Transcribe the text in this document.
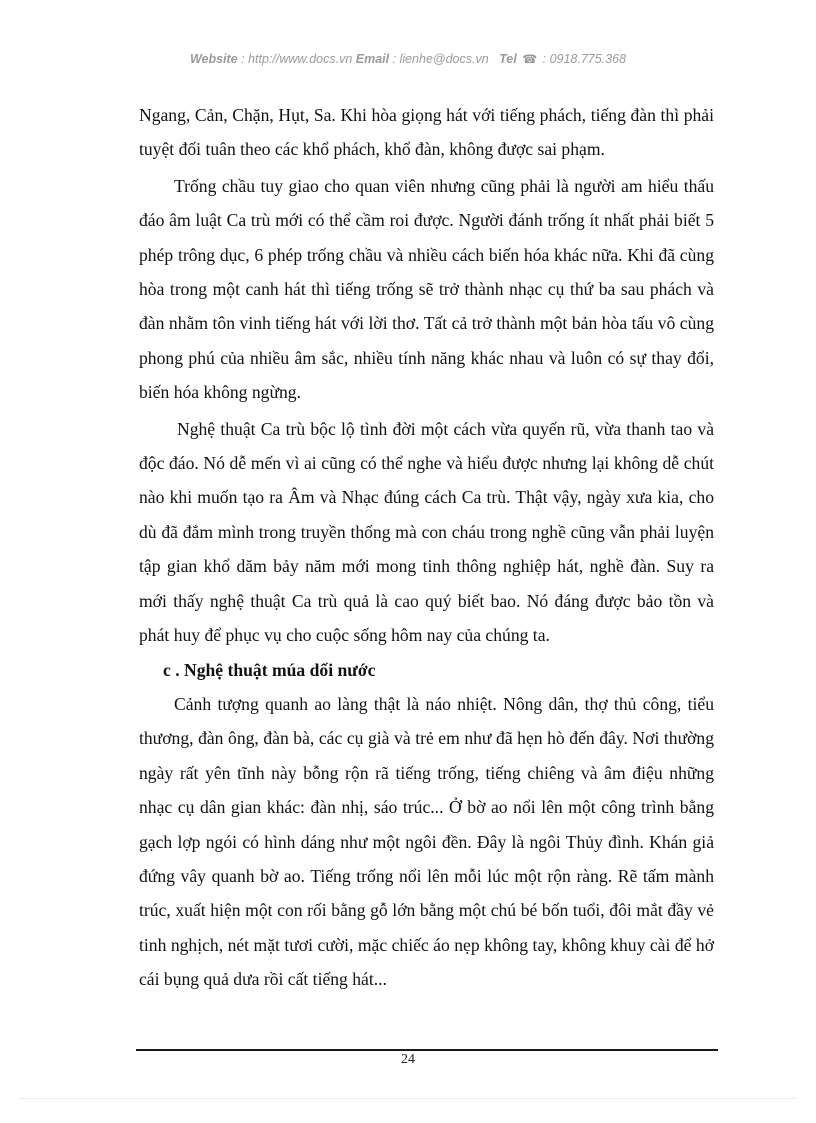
Website : http://www.docs.vn Email : lienhe@docs.vn Tel ☎ : 0918.775.368

Ngang, Cản, Chặn, Hụt, Sa. Khi hòa giọng hát với tiếng phách, tiếng đàn thì phải tuyệt đối tuân theo các khổ phách, khổ đàn, không được sai phạm.

Trống chầu tuy giao cho quan viên nhưng cũng phải là người am hiểu thấu đáo âm luật Ca trù mới có thể cầm roi được. Người đánh trống ít nhất phải biết 5 phép trông dục, 6 phép trống chầu và nhiều cách biến hóa khác nữa. Khi đã cùng hòa trong một canh hát thì tiếng trống sẽ trở thành nhạc cụ thứ ba sau phách và đàn nhằm tôn vinh tiếng hát với lời thơ. Tất cả trở thành một bản hòa tấu vô cùng phong phú của nhiều âm sắc, nhiều tính năng khác nhau và luôn có sự thay đổi, biến hóa không ngừng.

Nghệ thuật Ca trù bộc lộ tình đời một cách vừa quyến rũ, vừa thanh tao và độc đáo. Nó dễ mến vì ai cũng có thể nghe và hiểu được nhưng lại không dễ chút nào khi muốn tạo ra Âm và Nhạc đúng cách Ca trù. Thật vậy, ngày xưa kia, cho dù đã đắm mình trong truyền thống mà con cháu trong nghề cũng vẫn phải luyện tập gian khổ dăm bảy năm mới mong tinh thông nghiệp hát, nghề đàn. Suy ra mới thấy nghệ thuật Ca trù quả là cao quý biết bao. Nó đáng được bảo tồn và phát huy để phục vụ cho cuộc sống hôm nay của chúng ta.

c . Nghệ thuật múa dối nước

Cảnh tượng quanh ao làng thật là náo nhiệt. Nông dân, thợ thủ công, tiểu thương, đàn ông, đàn bà, các cụ già và trẻ em như đã hẹn hò đến đây. Nơi thường ngày rất yên tĩnh này bỗng rộn rã tiếng trống, tiếng chiêng và âm điệu những nhạc cụ dân gian khác: đàn nhị, sáo trúc... Ở bờ ao nổi lên một công trình bằng gạch lợp ngói có hình dáng như một ngôi đền. Đây là ngôi Thủy đình. Khán giả đứng vây quanh bờ ao. Tiếng trống nổi lên mỗi lúc một rộn ràng. Rẽ tấm mành trúc, xuất hiện một con rối bằng gỗ lớn bằng một chú bé bốn tuổi, đôi mắt đầy vẻ tinh nghịch, nét mặt tươi cười, mặc chiếc áo nẹp không tay, không khuy cài để hở cái bụng quả dưa rồi cất tiếng hát...

24
